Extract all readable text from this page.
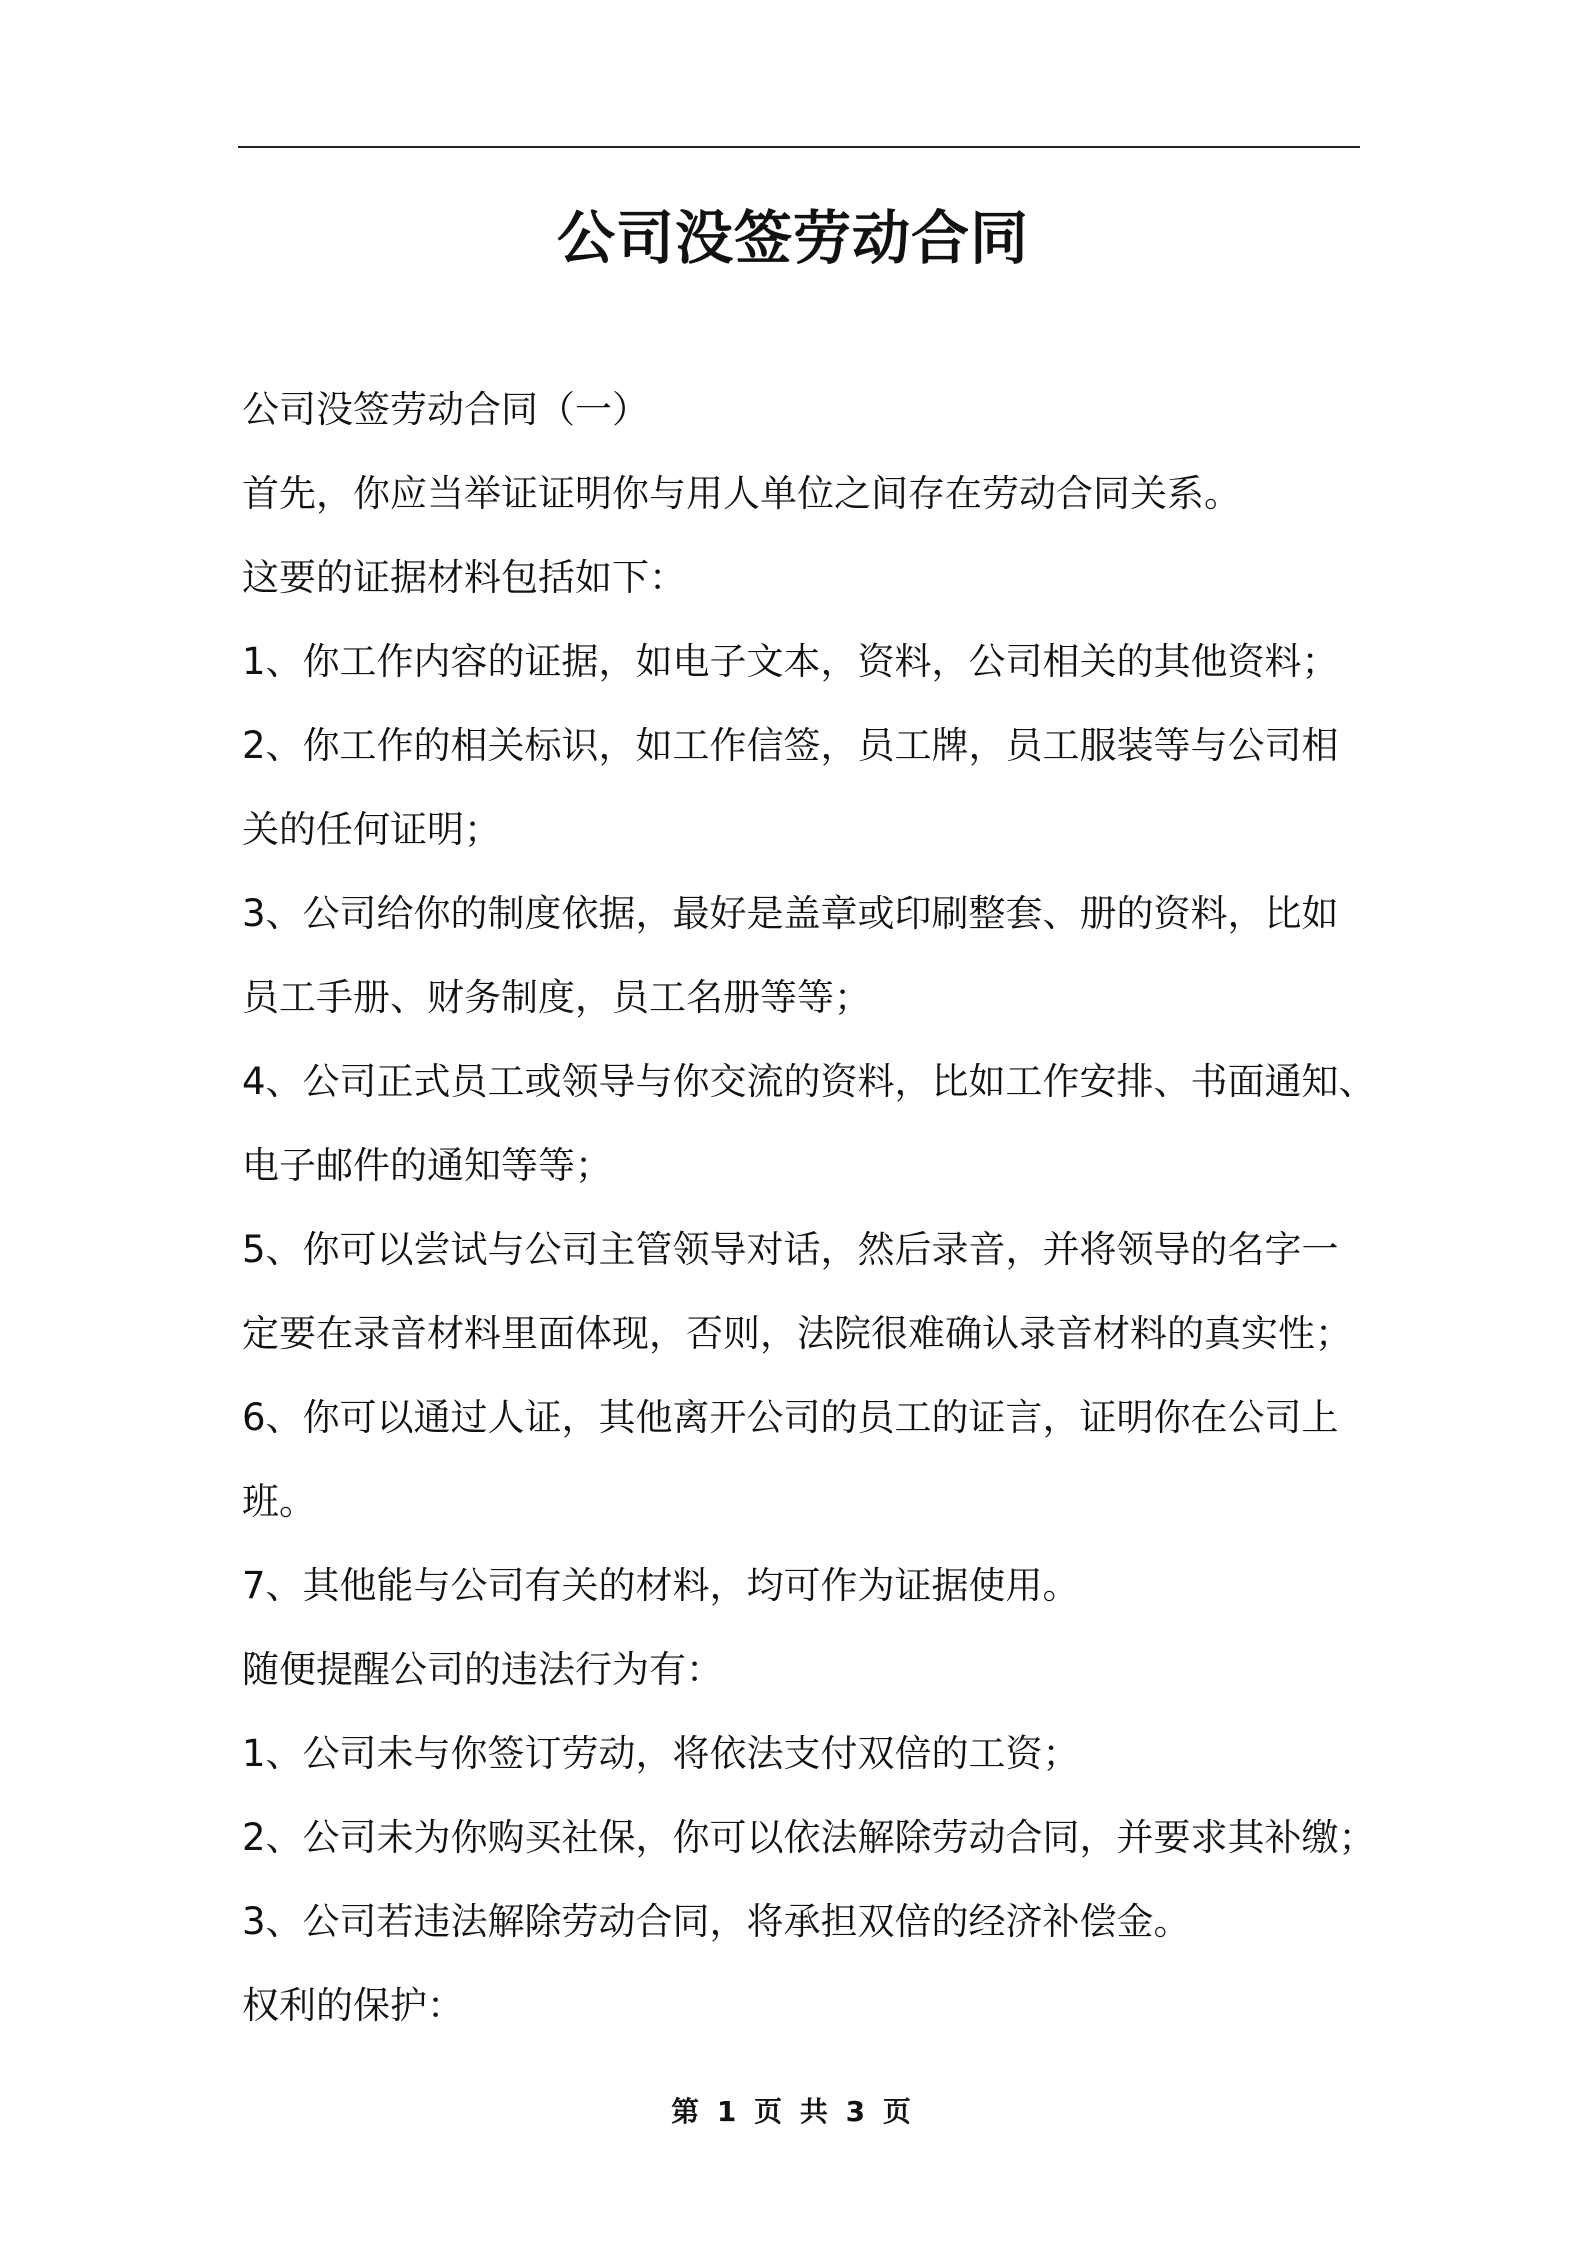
公司没签劳动合同
公司没签劳动合同（一）
首先，你应当举证证明你与用人单位之间存在劳动合同关系。
这要的证据材料包括如下：
1、你工作内容的证据，如电子文本，资料，公司相关的其他资料；
2、你工作的相关标识，如工作信签，员工牌，员工服装等与公司相
关的任何证明；
3、公司给你的制度依据，最好是盖章或印刷整套、册的资料，比如
员工手册、财务制度，员工名册等等；
4、公司正式员工或领导与你交流的资料，比如工作安排、书面通知、
电子邮件的通知等等；
5、你可以尝试与公司主管领导对话，然后录音，并将领导的名字一
定要在录音材料里面体现，否则，法院很难确认录音材料的真实性；
6、你可以通过人证，其他离开公司的员工的证言，证明你在公司上
班。
7、其他能与公司有关的材料，均可作为证据使用。
随便提醒公司的违法行为有：
1、公司未与你签订劳动，将依法支付双倍的工资；
2、公司未为你购买社保，你可以依法解除劳动合同，并要求其补缴；
3、公司若违法解除劳动合同，将承担双倍的经济补偿金。
权利的保护：
第 1 页 共 3 页
